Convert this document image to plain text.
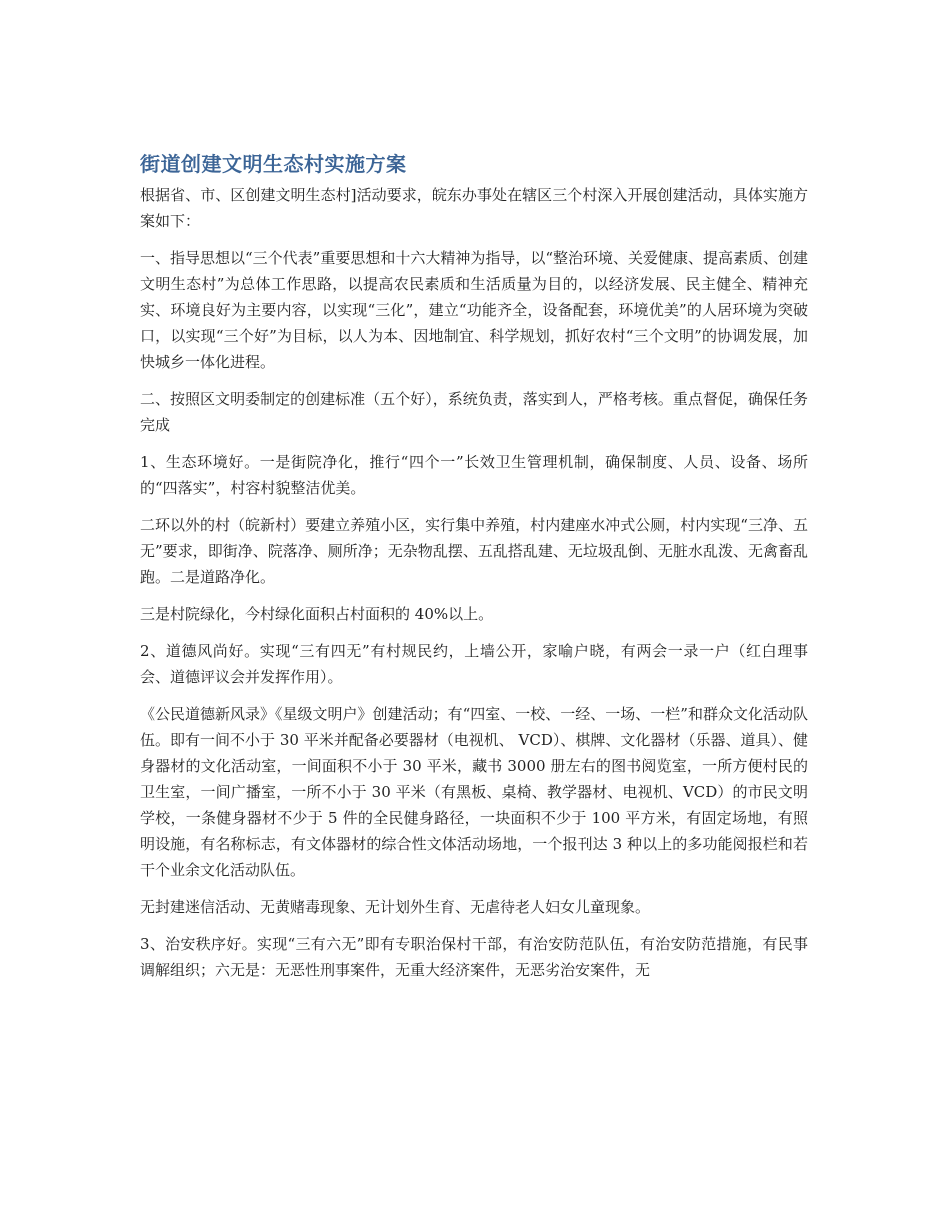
街道创建文明生态村实施方案

根据省、市、区创建文明生态村]活动要求，皖东办事处在辖区三个村深入开展创建活动，具体实施方案如下：

一、指导思想以“三个代表”重要思想和十六大精神为指导，以“整治环境、关爱健康、提高素质、创建文明生态村”为总体工作思路，以提高农民素质和生活质量为目的，以经济发展、民主健全、精神充实、环境良好为主要内容，以实现“三化”，建立“功能齐全，设备配套，环境优美”的人居环境为突破口，以实现“三个好”为目标，以人为本、因地制宜、科学规划，抓好农村“三个文明”的协调发展，加快城乡一体化进程。

二、按照区文明委制定的创建标准（五个好），系统负责，落实到人，严格考核。重点督促，确保任务完成

1、生态环境好。一是街院净化，推行“四个一”长效卫生管理机制，确保制度、人员、设备、场所的“四落实”，村容村貌整洁优美。

二环以外的村（皖新村）要建立养殖小区，实行集中养殖，村内建座水冲式公厕，村内实现“三净、五无”要求，即街净、院落净、厕所净；无杂物乱摆、五乱搭乱建、无垃圾乱倒、无脏水乱泼、无禽畜乱跑。二是道路净化。

三是村院绿化，今村绿化面积占村面积的 40%以上。

2、道德风尚好。实现“三有四无”有村规民约，上墙公开，家喻户晓，有两会一录一户（红白理事会、道德评议会并发挥作用）。

《公民道德新风录》《星级文明户》创建活动；有“四室、一校、一经、一场、一栏”和群众文化活动队伍。即有一间不小于 30 平米并配备必要器材（电视机、 VCD）、棋牌、文化器材（乐器、道具）、健身器材的文化活动室，一间面积不小于 30 平米，藏书 3000 册左右的图书阅览室，一所方便村民的卫生室，一间广播室，一所不小于 30 平米（有黑板、桌椅、教学器材、电视机、VCD）的市民文明学校，一条健身器材不少于 5 件的全民健身路径，一块面积不少于 100 平方米，有固定场地，有照明设施，有名称标志，有文体器材的综合性文体活动场地，一个报刊达 3 种以上的多功能阅报栏和若干个业余文化活动队伍。

无封建迷信活动、无黄赌毒现象、无计划外生育、无虐待老人妇女儿童现象。

3、治安秩序好。实现“三有六无”即有专职治保村干部，有治安防范队伍，有治安防范措施，有民事调解组织；六无是：无恶性刑事案件，无重大经济案件，无恶劣治安案件，无
